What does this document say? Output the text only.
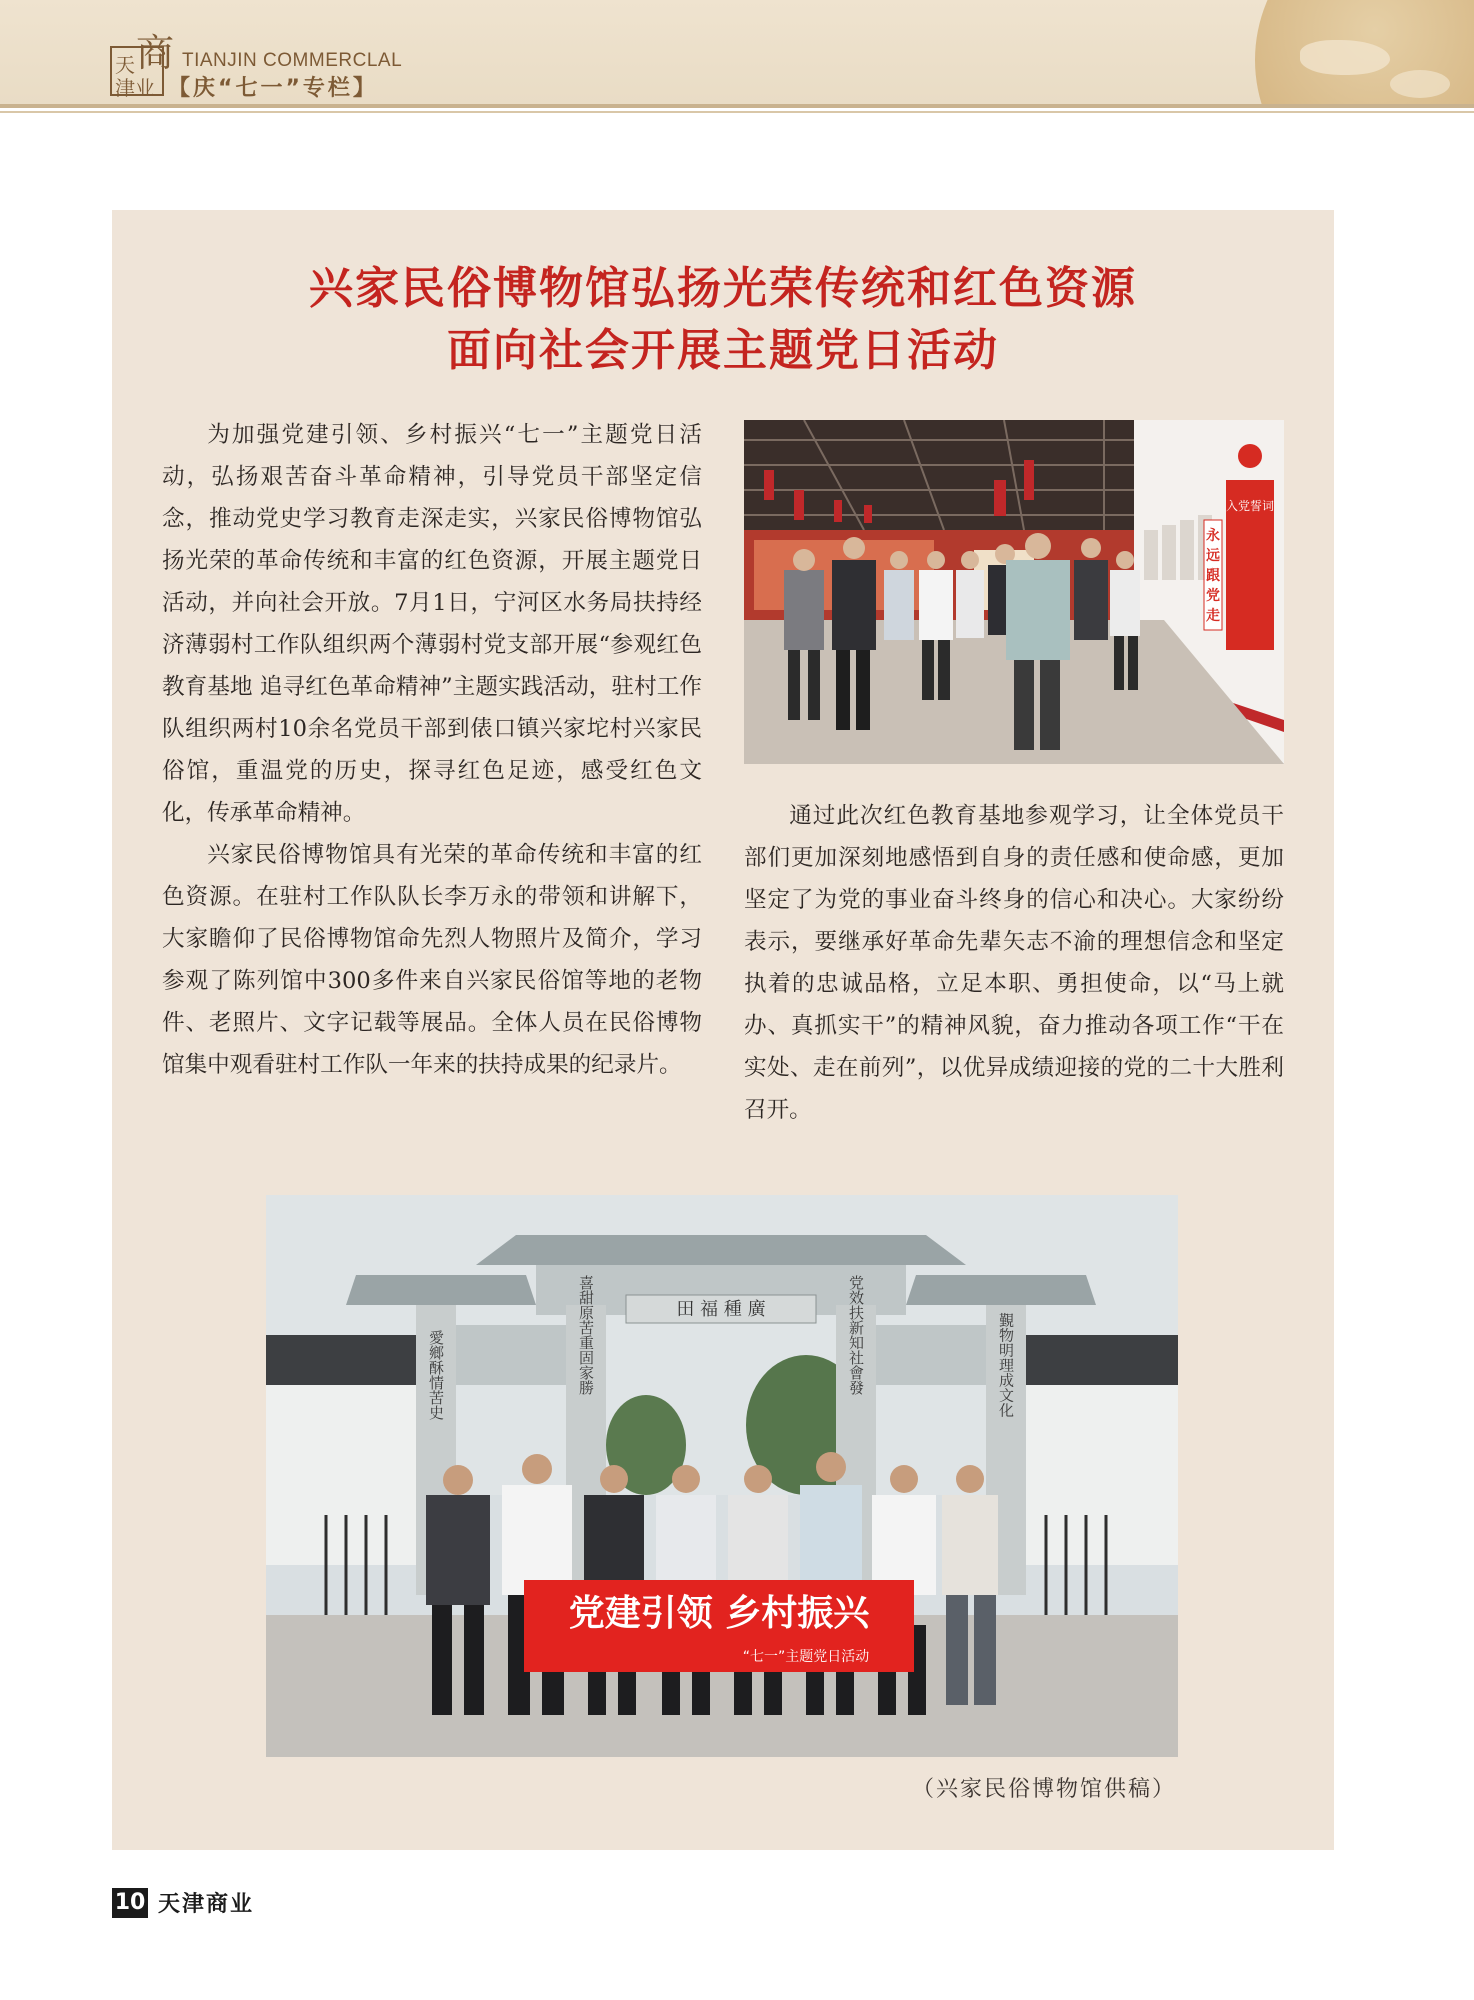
天
津业
商 TIANJIN COMMERCLAL
【庆“七一”专栏】
兴家民俗博物馆弘扬光荣传统和红色资源
面向社会开展主题党日活动

为加强党建引领、乡村振兴“七一”主题党日活动，弘扬艰苦奋斗革命精神，引导党员干部坚定信念，推动党史学习教育走深走实，兴家民俗博物馆弘扬光荣的革命传统和丰富的红色资源，开展主题党日活动，并向社会开放。7月1日，宁河区水务局扶持经济薄弱村工作队组织两个薄弱村党支部开展“参观红色教育基地 追寻红色革命精神”主题实践活动，驻村工作队组织两村10余名党员干部到俵口镇兴家坨村兴家民俗馆，重温党的历史，探寻红色足迹，感受红色文化，传承革命精神。

兴家民俗博物馆具有光荣的革命传统和丰富的红色资源。在驻村工作队队长李万永的带领和讲解下，大家瞻仰了民俗博物馆命先烈人物照片及简介，学习参观了陈列馆中300多件来自兴家民俗馆等地的老物件、老照片、文字记载等展品。全体人员在民俗博物馆集中观看驻村工作队一年来的扶持成果的纪录片。

入党誓词
永
远
跟
党
走

通过此次红色教育基地参观学习，让全体党员干部们更加深刻地感悟到自身的责任感和使命感，更加坚定了为党的事业奋斗终身的信心和决心。大家纷纷表示，要继承好革命先辈矢志不渝的理想信念和坚定执着的忠诚品格，立足本职、勇担使命，以“马上就办、真抓实干”的精神风貌，奋力推动各项工作“干在实处、走在前列”，以优异成绩迎接的党的二十大胜利召开。

田 福 種 廣
喜甜原苦重固家勝	党效扶新知社會發
愛鄉酥情苦史	覲物明理成文化
党建引领 乡村振兴
“七一”主题党日活动
（兴家民俗博物馆供稿）
10 天津商业
